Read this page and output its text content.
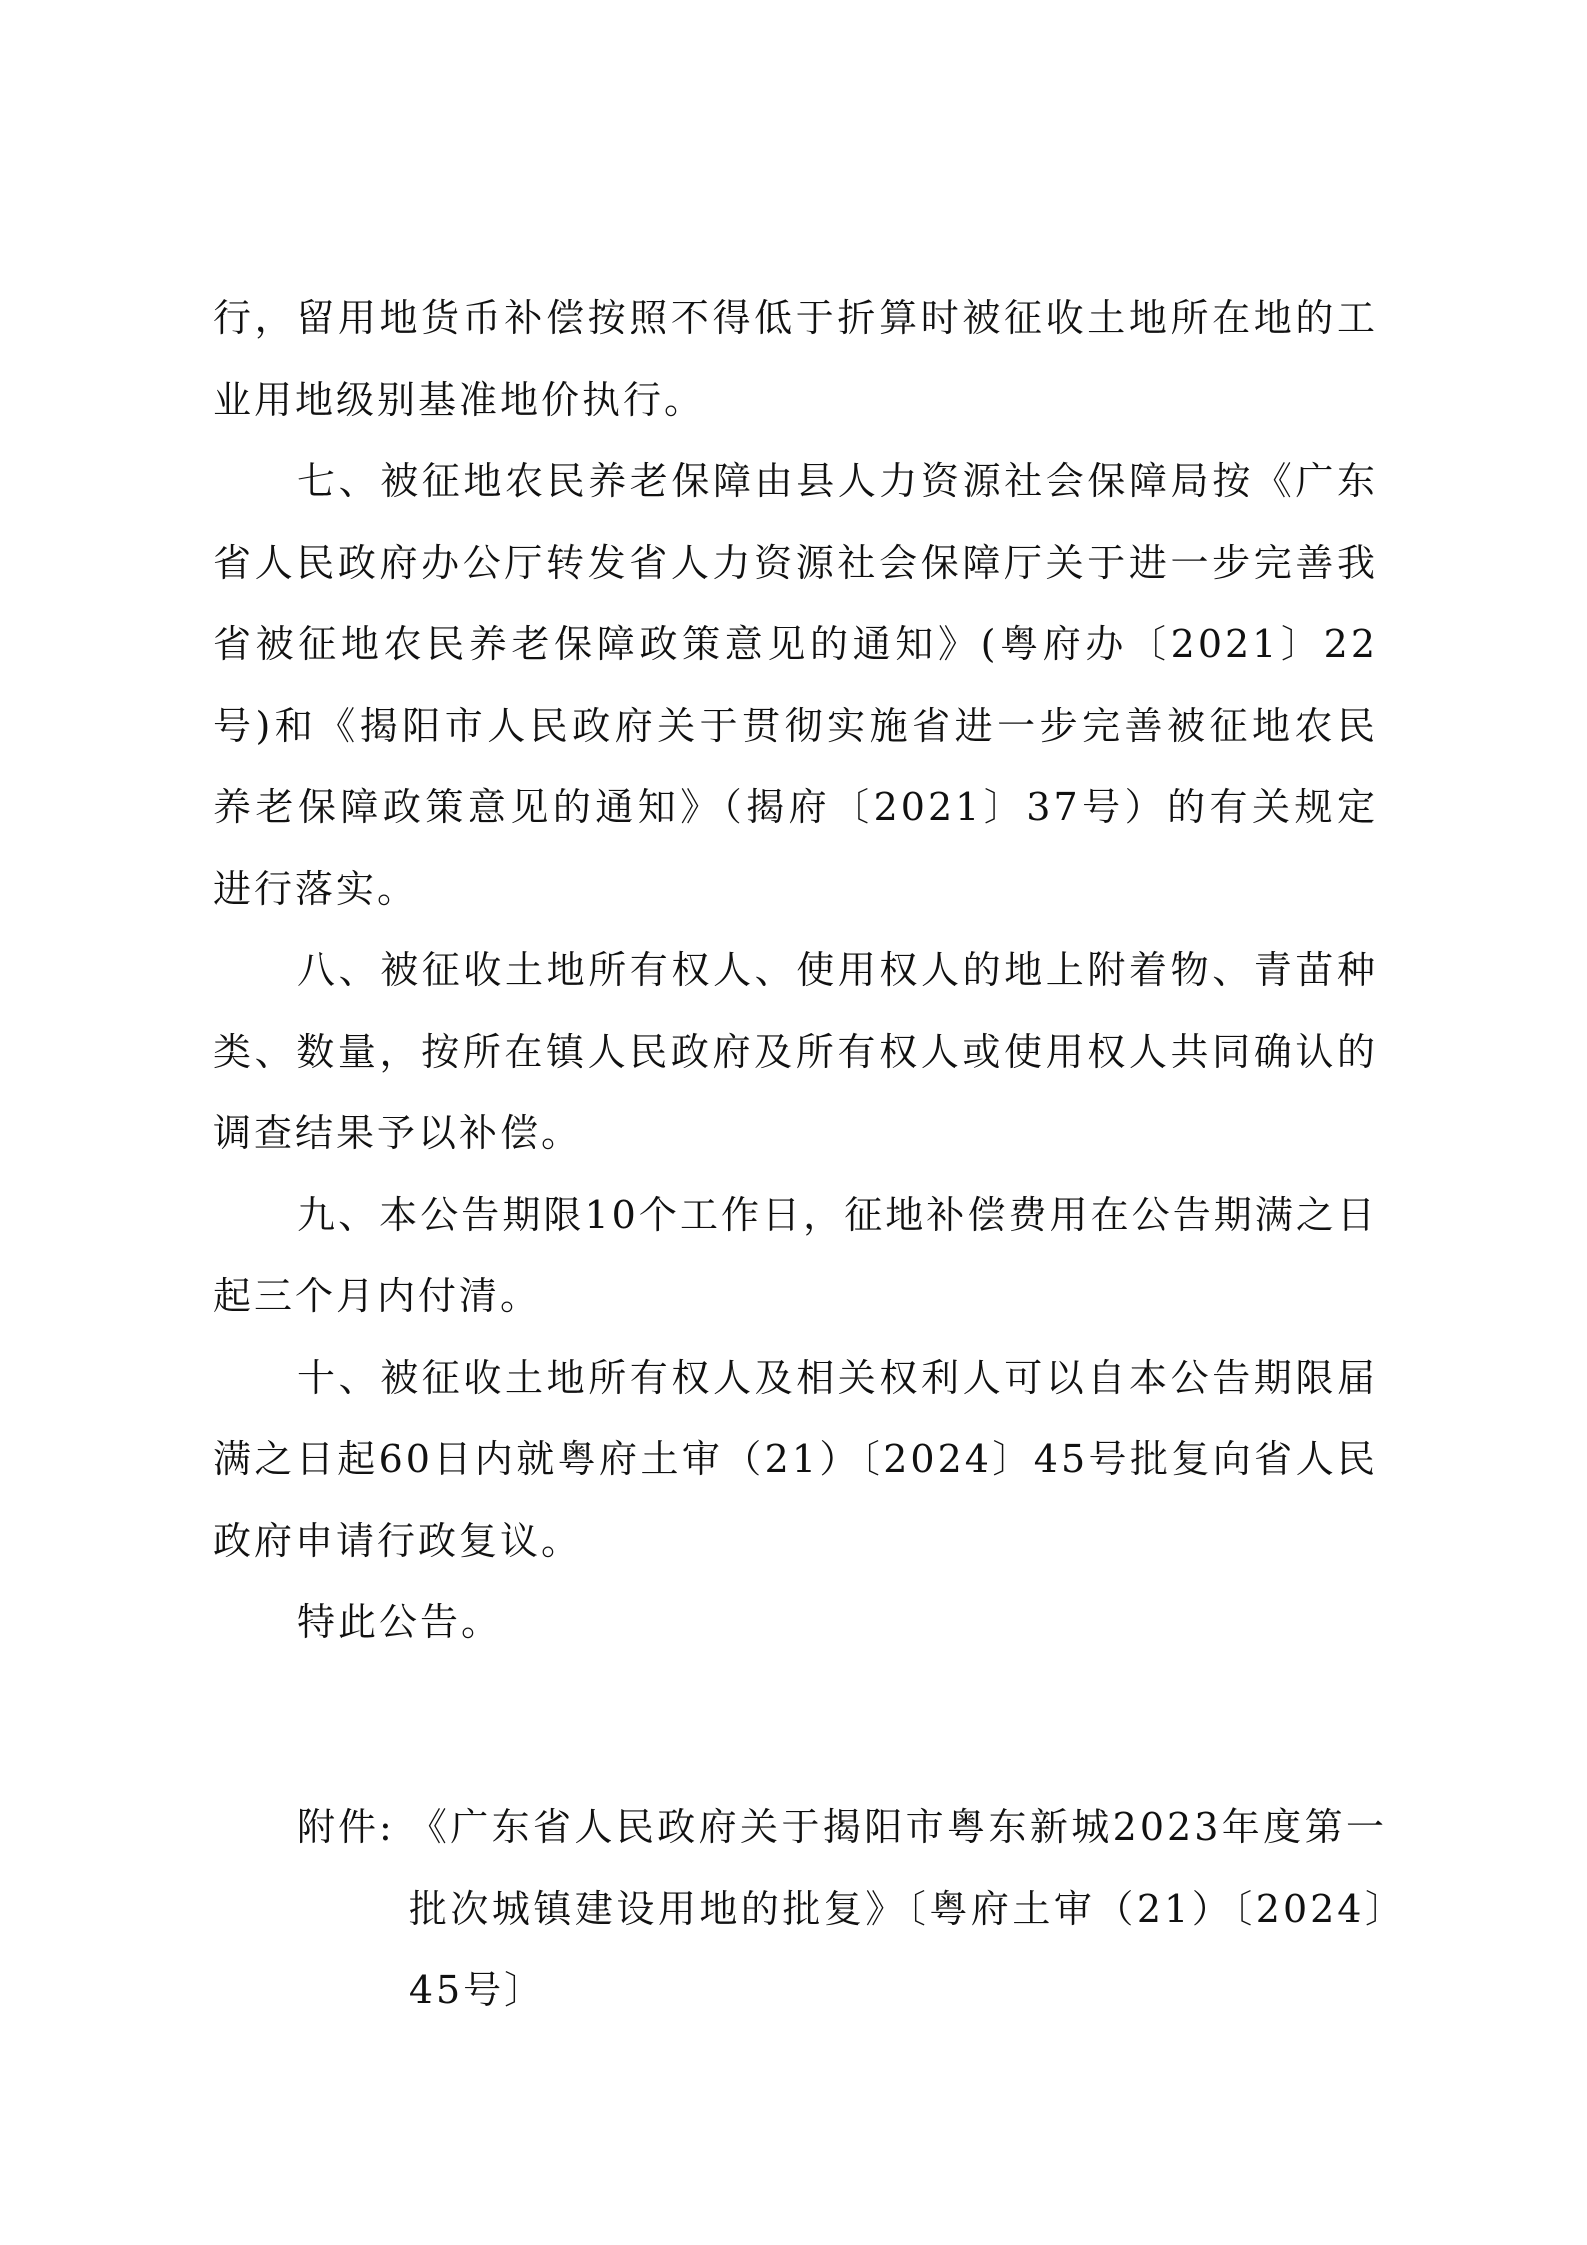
行，留用地货币补偿按照不得低于折算时被征收土地所在地的工业用地级别基准地价执行。

七、被征地农民养老保障由县人力资源社会保障局按《广东省人民政府办公厅转发省人力资源社会保障厅关于进一步完善我省被征地农民养老保障政策意见的通知》(粤府办〔2021〕22号)和《揭阳市人民政府关于贯彻实施省进一步完善被征地农民养老保障政策意见的通知》（揭府〔2021〕37号）的有关规定进行落实。

八、被征收土地所有权人、使用权人的地上附着物、青苗种类、数量，按所在镇人民政府及所有权人或使用权人共同确认的调查结果予以补偿。

九、本公告期限10个工作日，征地补偿费用在公告期满之日起三个月内付清。

十、被征收土地所有权人及相关权利人可以自本公告期限届满之日起60日内就粤府土审（21）〔2024〕45号批复向省人民政府申请行政复议。

特此公告。

附件: 《广东省人民政府关于揭阳市粤东新城2023年度第一批次城镇建设用地的批复》〔粤府土审（21）〔2024〕45号〕
